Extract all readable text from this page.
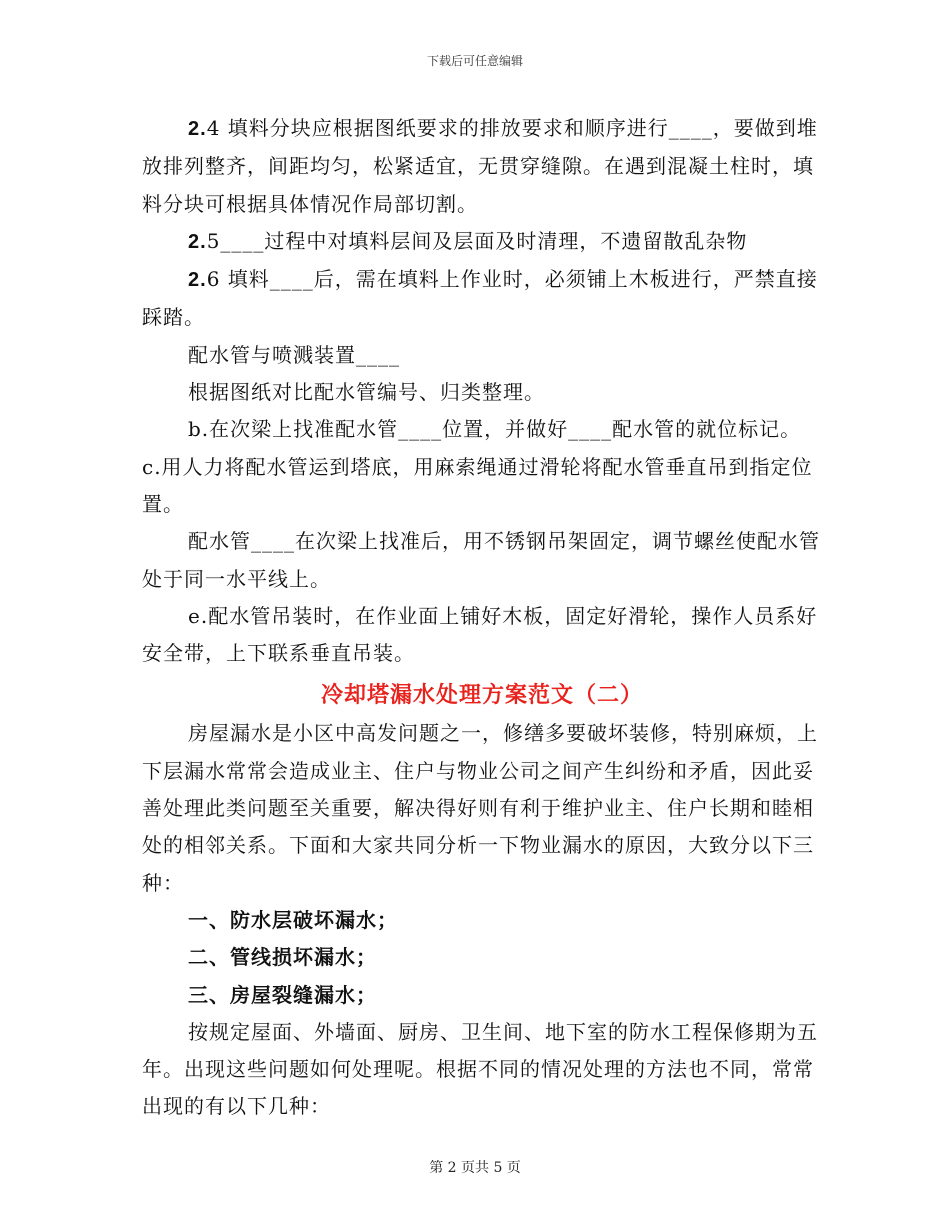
下载后可任意编辑

2.4 填料分块应根据图纸要求的排放要求和顺序进行____，要做到堆放排列整齐，间距均匀，松紧适宜，无贯穿缝隙。在遇到混凝土柱时，填料分块可根据具体情况作局部切割。

2.5____过程中对填料层间及层面及时清理，不遗留散乱杂物

2.6 填料____后，需在填料上作业时，必须铺上木板进行，严禁直接踩踏。

配水管与喷溅装置____

根据图纸对比配水管编号、归类整理。

b.在次梁上找准配水管____位置，并做好____配水管的就位标记。

c.用人力将配水管运到塔底，用麻索绳通过滑轮将配水管垂直吊到指定位置。

配水管____在次梁上找准后，用不锈钢吊架固定，调节螺丝使配水管处于同一水平线上。

e.配水管吊装时，在作业面上铺好木板，固定好滑轮，操作人员系好安全带，上下联系垂直吊装。

冷却塔漏水处理方案范文（二）

房屋漏水是小区中高发问题之一，修缮多要破坏装修，特别麻烦，上下层漏水常常会造成业主、住户与物业公司之间产生纠纷和矛盾，因此妥善处理此类问题至关重要，解决得好则有利于维护业主、住户长期和睦相处的相邻关系。下面和大家共同分析一下物业漏水的原因，大致分以下三种：

一、防水层破坏漏水；

二、管线损坏漏水；

三、房屋裂缝漏水；

按规定屋面、外墙面、厨房、卫生间、地下室的防水工程保修期为五年。出现这些问题如何处理呢。根据不同的情况处理的方法也不同，常常出现的有以下几种：

第 2 页共 5 页
